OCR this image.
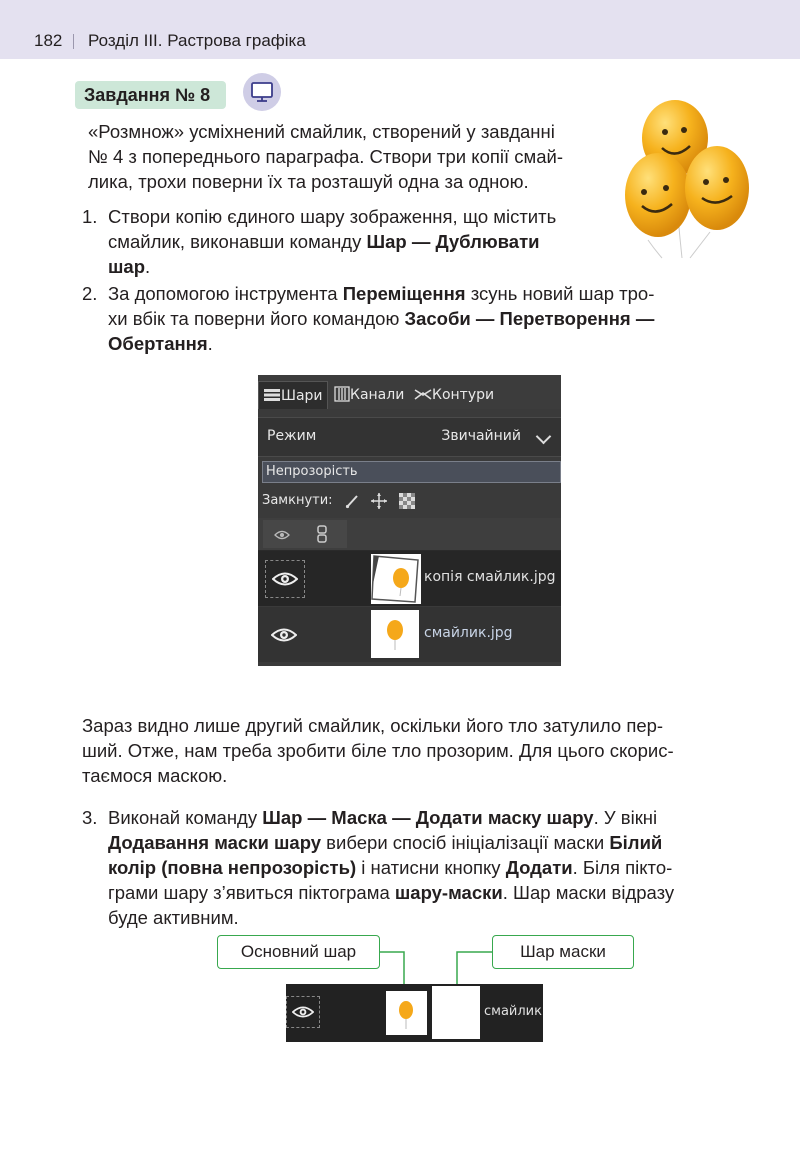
182 Розділ III. Растрова графіка
Завдання № 8
«Розмнож» усміхнений смайлик, створений у завданні
№ 4 з попереднього параграфа. Створи три копії смай-
лика, трохи поверни їх та розташуй одна за одною.
1. Створи копію єдиного шару зображення, що містить
смайлик, виконавши команду Шар — Дублювати
шар.
2. За допомогою інструмента Переміщення зсунь новий шар тро-
хи вбік та поверни його командою Засоби — Перетворення —
Обертання.
Шари	Канали	Контури
Режим	Звичайний
Непрозорість
Замкнути:
копія смайлик.jpg
смайлик.jpg
Зараз видно лише другий смайлик, оскільки його тло затулило пер-
ший. Отже, нам треба зробити біле тло прозорим. Для цього скорис-
таємося маскою.
3. Виконай команду Шар — Маска — Додати маску шару. У вікні
Додавання маски шару вибери спосіб ініціалізації маски Білий
колір (повна непрозорість) і натисни кнопку Додати. Біля пікто-
грами шару з’явиться піктограма шару-маски. Шар маски відразу
буде активним.
Основний шар	Шар маски
смайлик
